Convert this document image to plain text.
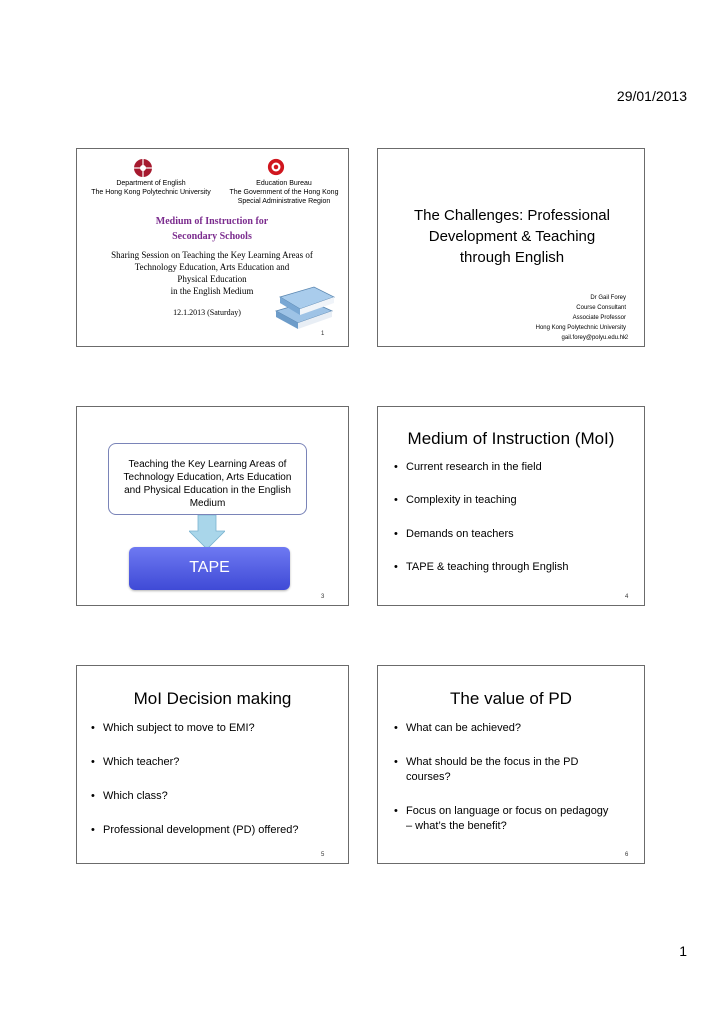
29/01/2013
Department of English
The Hong Kong Polytechnic University
Education Bureau
The Government of the Hong Kong
Special Administrative Region
Medium of Instruction for
Secondary Schools
Sharing Session on Teaching the Key Learning Areas of
Technology Education, Arts Education and
Physical Education
in the English Medium
12.1.2013 (Saturday)
1
The Challenges: Professional
Development & Teaching
through English
Dr Gail Forey
Course Consultant
Associate Professor
Hong Kong Polytechnic University
gail.forey@polyu.edu.hk 2
Teaching the Key Learning Areas of
Technology Education, Arts Education
and Physical Education in the English
Medium
TAPE
3
Medium of Instruction (MoI)
• Current research in the field
• Complexity in teaching
• Demands on teachers
• TAPE & teaching through English
4
MoI Decision making
• Which subject to move to EMI?
• Which teacher?
• Which class?
• Professional development (PD) offered?
5
The value of PD
• What can be achieved?
• What should be the focus in the PD
courses?
• Focus on language or focus on pedagogy
– what’s the benefit?
6
1
